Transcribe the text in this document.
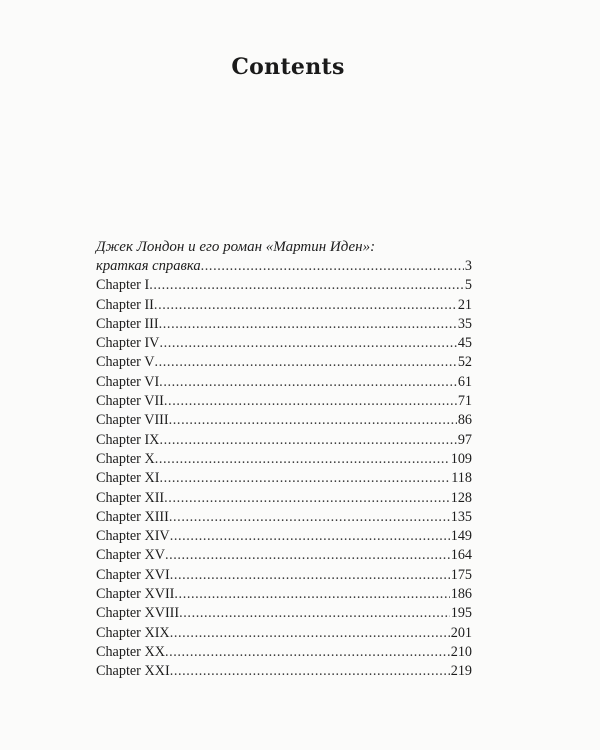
Contents
Джек Лондон и его роман «Мартин Иден»:
краткая справка .....	3
Chapter I .....	5
Chapter II .....	21
Chapter III .....	35
Chapter IV .....	45
Chapter V .....	52
Chapter VI .....	61
Chapter VII .....	71
Chapter VIII .....	86
Chapter IX .....	97
Chapter X .....	109
Chapter XI .....	118
Chapter XII .....	128
Chapter XIII .....	135
Chapter XIV .....	149
Chapter XV .....	164
Chapter XVI .....	175
Chapter XVII .....	186
Chapter XVIII .....	195
Chapter XIX .....	201
Chapter XX .....	210
Chapter XXI .....	219
